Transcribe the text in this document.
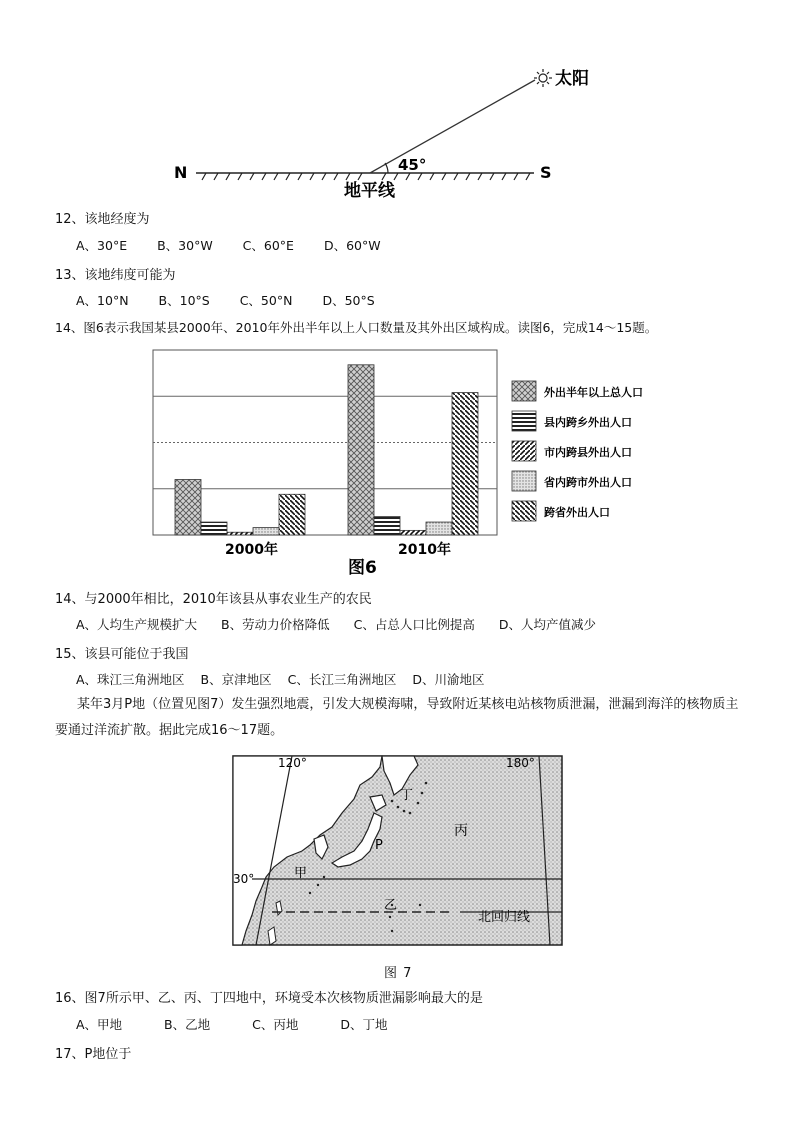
45°
太阳
N	S
地平线
12、该地经度为
A、30°E B、30°W C、60°E D、60°W
13、该地纬度可能为
A、10°N B、10°S C、50°N D、50°S
14、图6表示我国某县2000年、2010年外出半年以上人口数量及其外出区域构成。读图6，完成14～15题。
2000年	2010年
图6
外出半年以上总人口
县内跨乡外出人口
市内跨县外出人口
省内跨市外出人口
跨省外出人口
14、与2000年相比，2010年该县从事农业生产的农民
A、人均生产规模扩大 B、劳动力价格降低 C、占总人口比例提高 D、人均产值减少
15、该县可能位于我国
A、珠江三角洲地区 B、京津地区 C、长江三角洲地区 D、川渝地区
某年3月P地（位置见图7）发生强烈地震，引发大规模海啸，导致附近某核电站核物质泄漏，泄漏到海洋的核物质主要通过洋流扩散。据此完成16～17题。
120°	180°
30°
丁
丙
P
甲
乙
北回归线
图 7
16、图7所示甲、乙、丙、丁四地中，环境受本次核物质泄漏影响最大的是
A、甲地	B、乙地	C、丙地	D、丁地
17、P地位于
